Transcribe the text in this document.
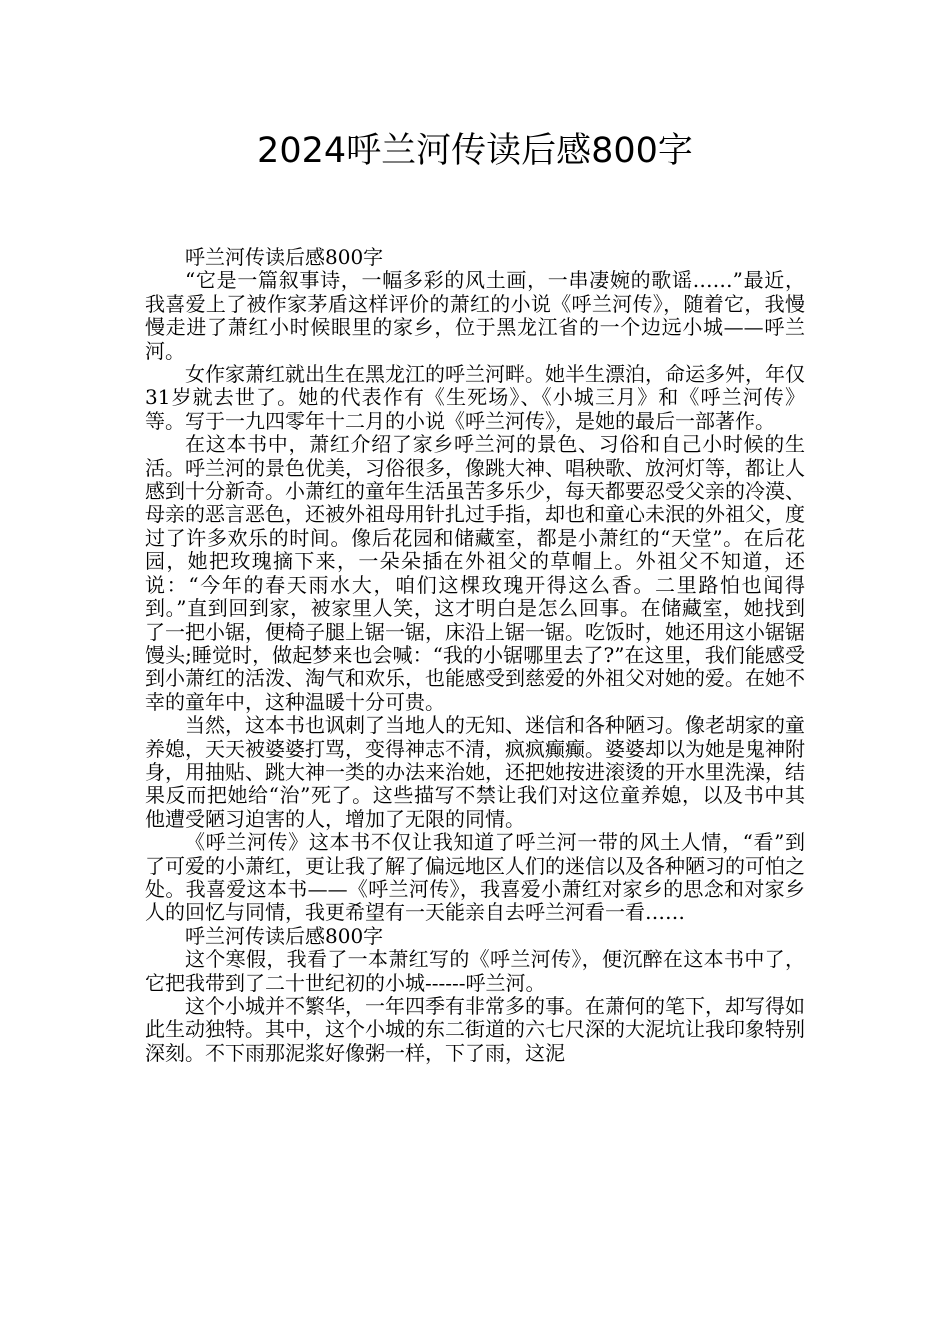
2024呼兰河传读后感800字

呼兰河传读后感800字

“它是一篇叙事诗，一幅多彩的风土画，一串凄婉的歌谣……”最近，我喜爱上了被作家茅盾这样评价的萧红的小说《呼兰河传》，随着它，我慢慢走进了萧红小时候眼里的家乡，位于黑龙江省的一个边远小城——呼兰河。

女作家萧红就出生在黑龙江的呼兰河畔。她半生漂泊，命运多舛，年仅31岁就去世了。她的代表作有《生死场》、《小城三月》和《呼兰河传》等。写于一九四零年十二月的小说《呼兰河传》，是她的最后一部著作。

在这本书中，萧红介绍了家乡呼兰河的景色、习俗和自己小时候的生活。呼兰河的景色优美，习俗很多，像跳大神、唱秧歌、放河灯等，都让人感到十分新奇。小萧红的童年生活虽苦多乐少，每天都要忍受父亲的冷漠、母亲的恶言恶色，还被外祖母用针扎过手指，却也和童心未泯的外祖父，度过了许多欢乐的时间。像后花园和储藏室，都是小萧红的“天堂”。在后花园，她把玫瑰摘下来，一朵朵插在外祖父的草帽上。外祖父不知道，还说：“今年的春天雨水大，咱们这棵玫瑰开得这么香。二里路怕也闻得到。”直到回到家，被家里人笑，这才明白是怎么回事。在储藏室，她找到了一把小锯，便椅子腿上锯一锯，床沿上锯一锯。吃饭时，她还用这小锯锯馒头;睡觉时，做起梦来也会喊：“我的小锯哪里去了?”在这里，我们能感受到小萧红的活泼、淘气和欢乐，也能感受到慈爱的外祖父对她的爱。在她不幸的童年中，这种温暖十分可贵。

当然，这本书也讽刺了当地人的无知、迷信和各种陋习。像老胡家的童养媳，天天被婆婆打骂，变得神志不清，疯疯癫癫。婆婆却以为她是鬼神附身，用抽贴、跳大神一类的办法来治她，还把她按进滚烫的开水里洗澡，结果反而把她给“治”死了。这些描写不禁让我们对这位童养媳，以及书中其他遭受陋习迫害的人，增加了无限的同情。

《呼兰河传》这本书不仅让我知道了呼兰河一带的风土人情，“看”到了可爱的小萧红，更让我了解了偏远地区人们的迷信以及各种陋习的可怕之处。我喜爱这本书——《呼兰河传》，我喜爱小萧红对家乡的思念和对家乡人的回忆与同情，我更希望有一天能亲自去呼兰河看一看……

呼兰河传读后感800字

这个寒假，我看了一本萧红写的《呼兰河传》，便沉醉在这本书中了，它把我带到了二十世纪初的小城------呼兰河。

这个小城并不繁华，一年四季有非常多的事。在萧何的笔下，却写得如此生动独特。其中，这个小城的东二街道的六七尺深的大泥坑让我印象特别深刻。不下雨那泥浆好像粥一样，下了雨，这泥
